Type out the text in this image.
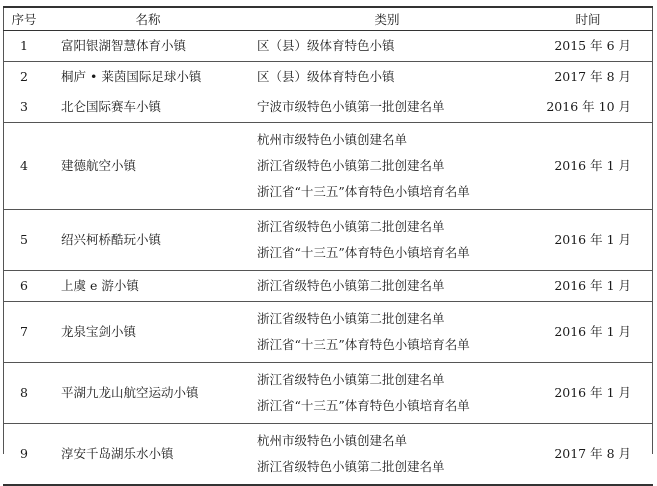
序号	名称	类别	时间

1	富阳银湖智慧体育小镇	区（县）级体育特色小镇	2015 年 6 月

2	桐庐 • 莱茵国际足球小镇	区（县）级体育特色小镇	2017 年 8 月

3	北仑国际赛车小镇	宁波市级特色小镇第一批创建名单	2016 年 10 月

4	建德航空小镇	杭州市级特色小镇创建名单
浙江省级特色小镇第二批创建名单
浙江省“十三五”体育特色小镇培育名单	2016 年 1 月

5	绍兴柯桥酷玩小镇	浙江省级特色小镇第二批创建名单
浙江省“十三五”体育特色小镇培育名单	2016 年 1 月

6	上虞 e 游小镇	浙江省级特色小镇第二批创建名单	2016 年 1 月

7	龙泉宝剑小镇	浙江省级特色小镇第二批创建名单
浙江省“十三五”体育特色小镇培育名单	2016 年 1 月

8	平湖九龙山航空运动小镇	浙江省级特色小镇第二批创建名单
浙江省“十三五”体育特色小镇培育名单	2016 年 1 月

9	淳安千岛湖乐水小镇	杭州市级特色小镇创建名单
浙江省级特色小镇第二批创建名单	2017 年 8 月
